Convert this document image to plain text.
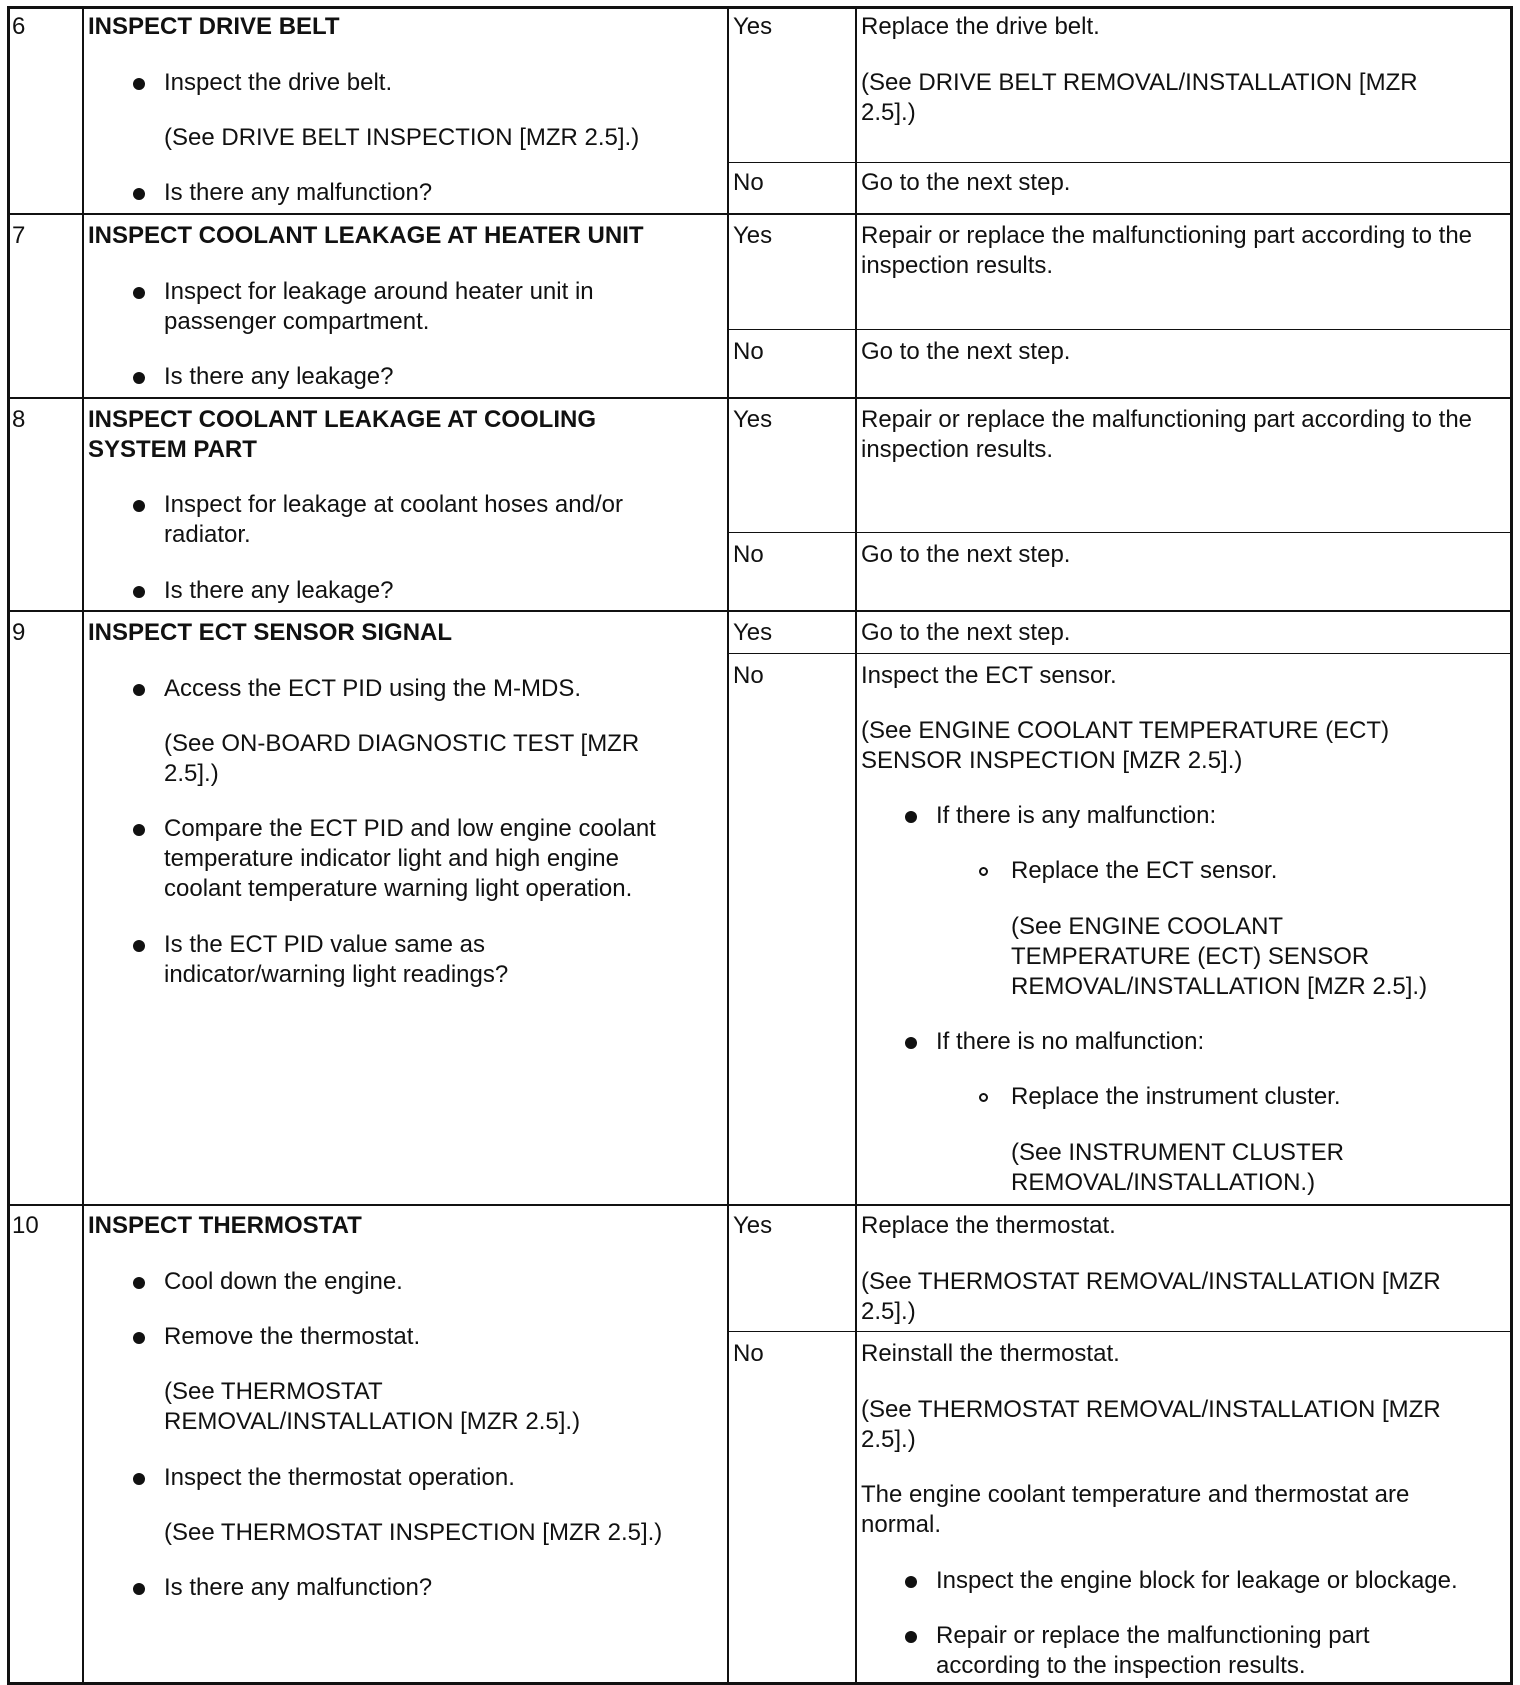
6	INSPECT DRIVE BELT
Inspect the drive belt.
(See DRIVE BELT INSPECTION [MZR 2.5].)
Is there any malfunction?
Yes	Replace the drive belt.
(See DRIVE BELT REMOVAL/INSTALLATION [MZR
2.5].)
No	Go to the next step.
7	INSPECT COOLANT LEAKAGE AT HEATER UNIT
Inspect for leakage around heater unit in
passenger compartment.
Is there any leakage?
Yes	Repair or replace the malfunctioning part according to the
inspection results.
No	Go to the next step.
8	INSPECT COOLANT LEAKAGE AT COOLING
SYSTEM PART
Inspect for leakage at coolant hoses and/or
radiator.
Is there any leakage?
Yes	Repair or replace the malfunctioning part according to the
inspection results.
No	Go to the next step.
9	INSPECT ECT SENSOR SIGNAL
Access the ECT PID using the M-MDS.
(See ON-BOARD DIAGNOSTIC TEST [MZR
2.5].)
Compare the ECT PID and low engine coolant
temperature indicator light and high engine
coolant temperature warning light operation.
Is the ECT PID value same as
indicator/warning light readings?
Yes	Go to the next step.
No	Inspect the ECT sensor.
(See ENGINE COOLANT TEMPERATURE (ECT)
SENSOR INSPECTION [MZR 2.5].)
If there is any malfunction:
Replace the ECT sensor.
(See ENGINE COOLANT
TEMPERATURE (ECT) SENSOR
REMOVAL/INSTALLATION [MZR 2.5].)
If there is no malfunction:
Replace the instrument cluster.
(See INSTRUMENT CLUSTER
REMOVAL/INSTALLATION.)
10 INSPECT THERMOSTAT
Cool down the engine.
Remove the thermostat.
(See THERMOSTAT
REMOVAL/INSTALLATION [MZR 2.5].)
Inspect the thermostat operation.
(See THERMOSTAT INSPECTION [MZR 2.5].)
Is there any malfunction?
Yes	Replace the thermostat.
(See THERMOSTAT REMOVAL/INSTALLATION [MZR
2.5].)
No	Reinstall the thermostat.
(See THERMOSTAT REMOVAL/INSTALLATION [MZR
2.5].)
The engine coolant temperature and thermostat are
normal.
Inspect the engine block for leakage or blockage.
Repair or replace the malfunctioning part
according to the inspection results.
